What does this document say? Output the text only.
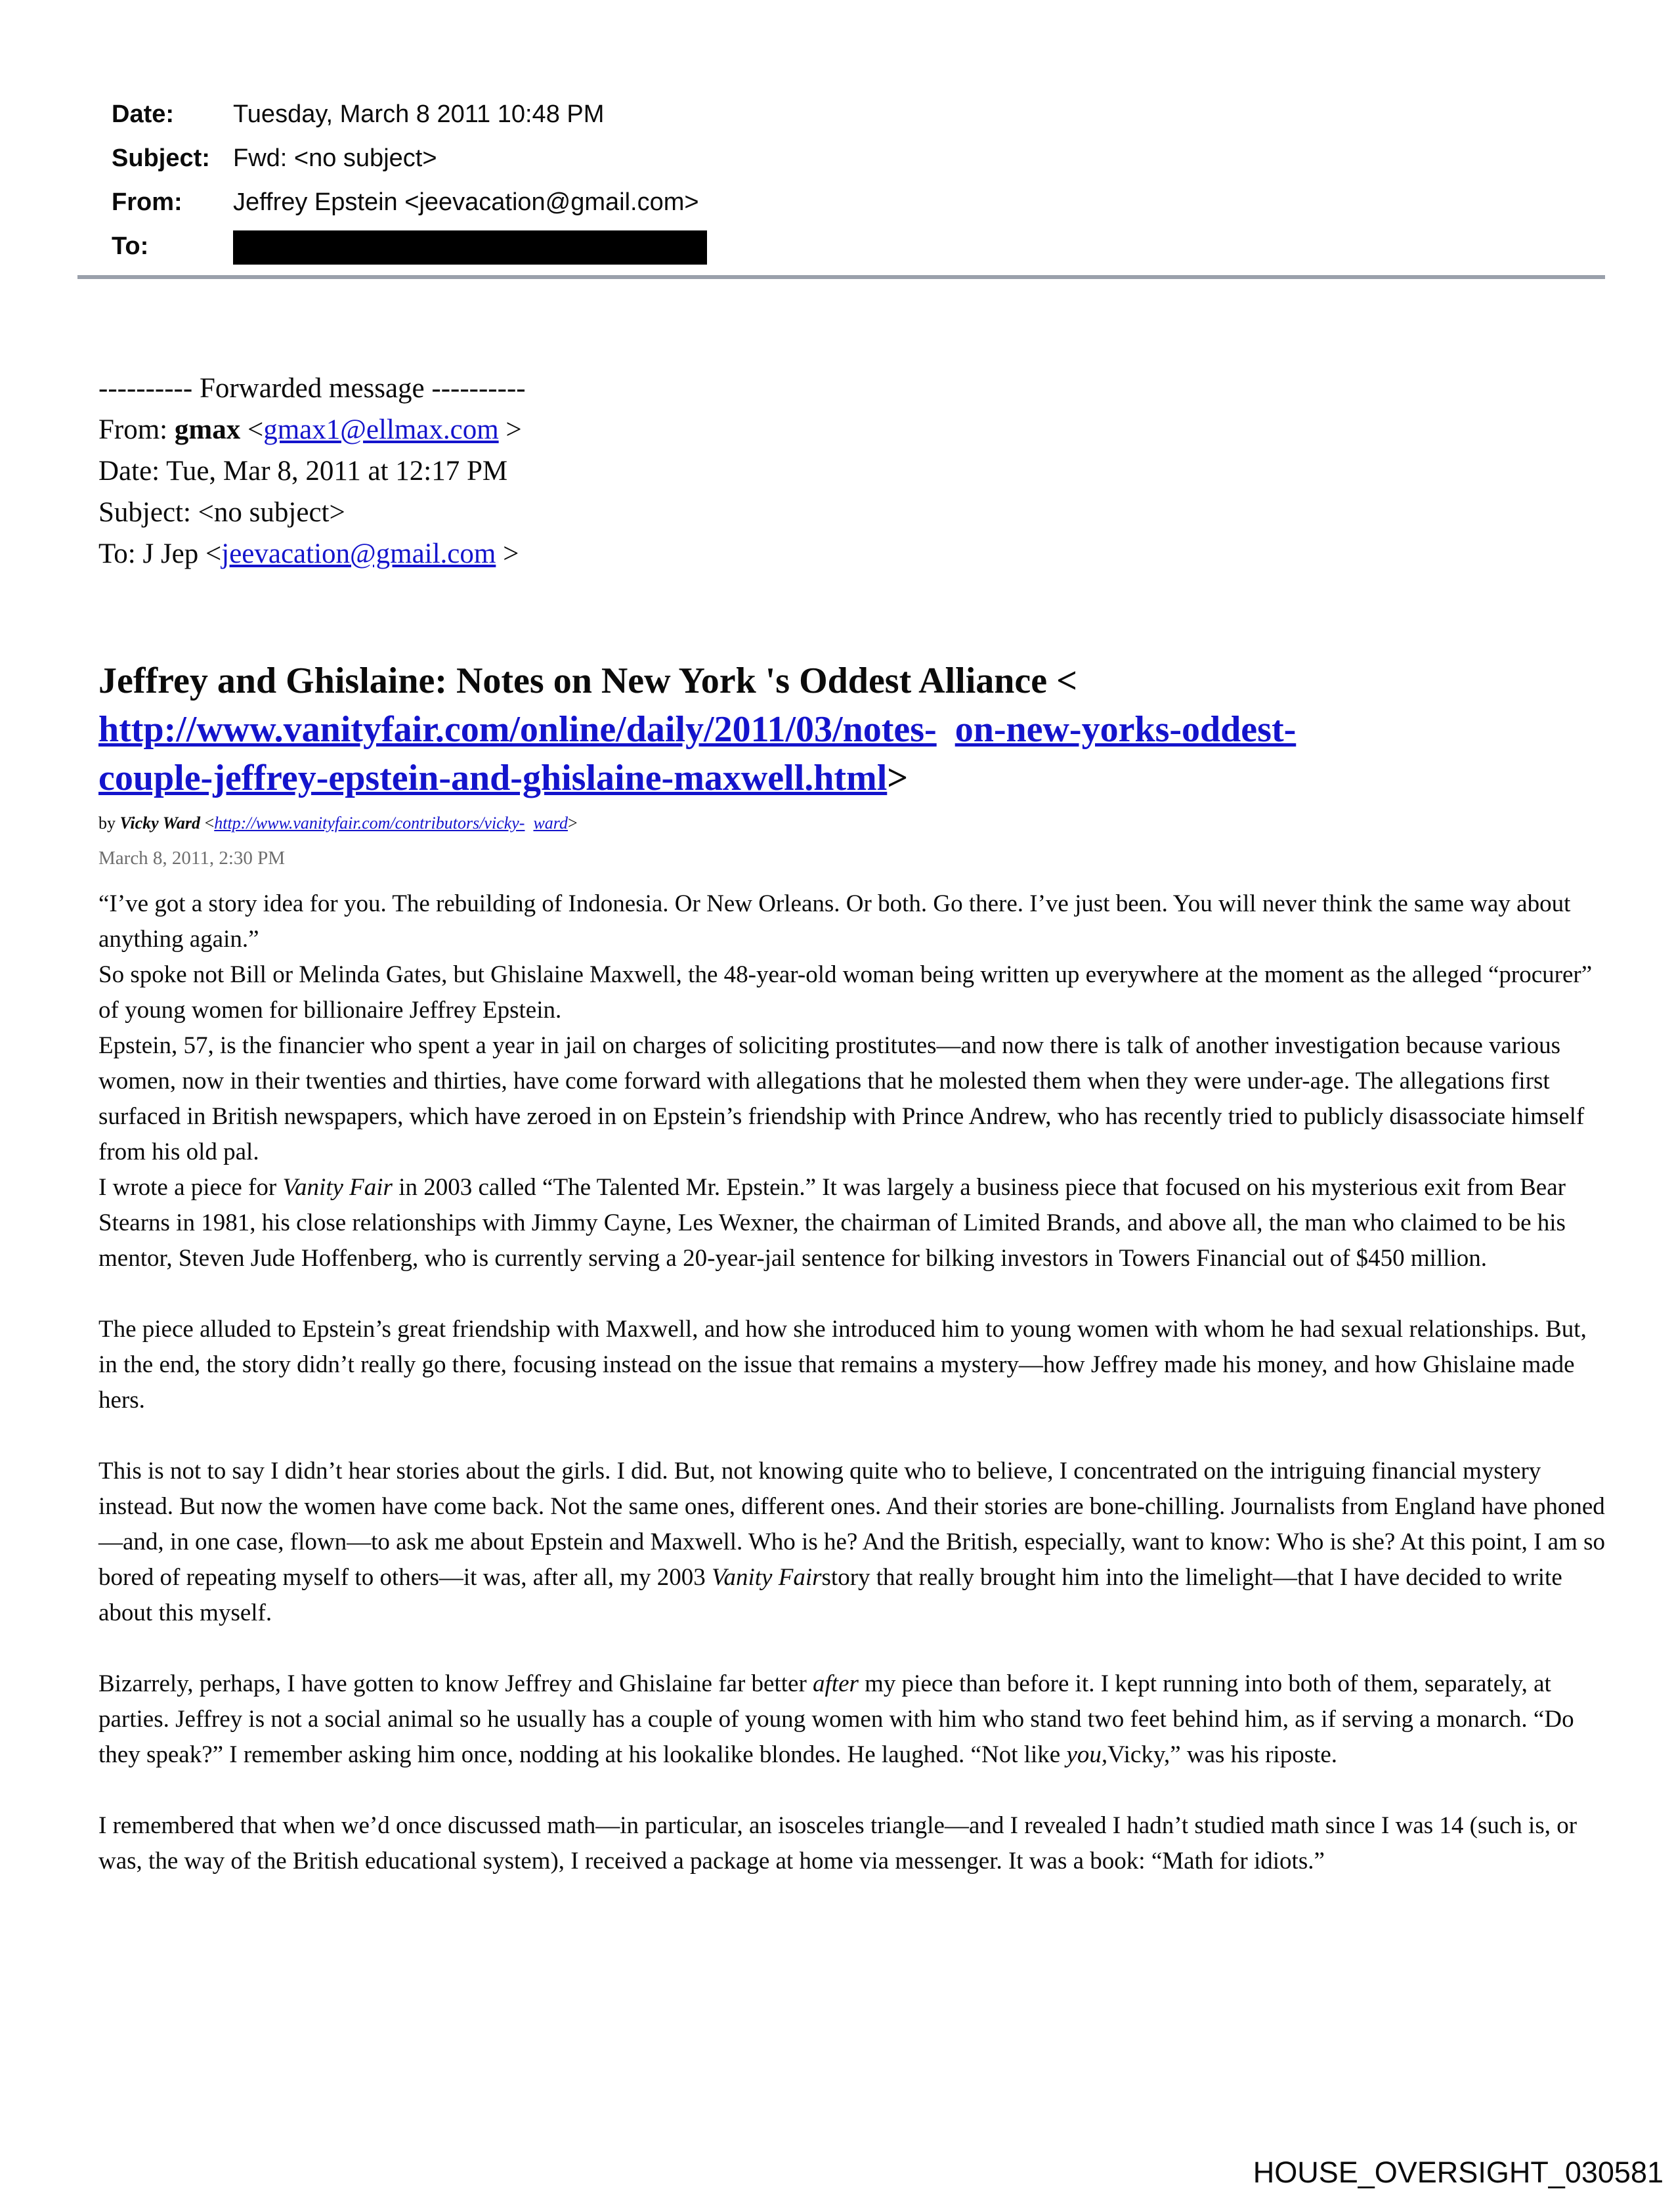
Date:	Tuesday, March 8 2011 10:48 PM
Subject: Fwd: <no subject>
From:	Jeffrey Epstein <jeevacation@gmail.com>
To:
---------- Forwarded message ----------
From: gmax <gmax1@ellmax.com >
Date: Tue, Mar 8, 2011 at 12:17 PM
Subject: <no subject>
To: J Jep <jeevacation@gmail.com >
Jeffrey and Ghislaine: Notes on New York 's Oddest Alliance <
http://www.vanityfair.com/online/daily/2011/03/notes- on-new-yorks-oddest-
couple-jeffrey-epstein-and-ghislaine-maxwell.html>
by Vicky Ward <http://www.vanityfair.com/contributors/vicky- ward>
March 8, 2011, 2:30 PM

“I’ve got a story idea for you. The rebuilding of Indonesia. Or New Orleans. Or both. Go there. I’ve just been. You will never think the same way about anything again.”

So spoke not Bill or Melinda Gates, but Ghislaine Maxwell, the 48-year-old woman being written up everywhere at the moment as the alleged “procurer” of young women for billionaire Jeffrey Epstein.

Epstein, 57, is the financier who spent a year in jail on charges of soliciting prostitutes—and now there is talk of another investigation because various women, now in their twenties and thirties, have come forward with allegations that he molested them when they were under-age. The allegations first surfaced in British newspapers, which have zeroed in on Epstein’s friendship with Prince Andrew, who has recently tried to publicly disassociate himself from his old pal.

I wrote a piece for Vanity Fair in 2003 called “The Talented Mr. Epstein.” It was largely a business piece that focused on his mysterious exit from Bear Stearns in 1981, his close relationships with Jimmy Cayne, Les Wexner, the chairman of Limited Brands, and above all, the man who claimed to be his mentor, Steven Jude Hoffenberg, who is currently serving a 20-year-jail sentence for bilking investors in Towers Financial out of $450 million.

The piece alluded to Epstein’s great friendship with Maxwell, and how she introduced him to young women with whom he had sexual relationships. But, in the end, the story didn’t really go there, focusing instead on the issue that remains a mystery—how Jeffrey made his money, and how Ghislaine made hers.

This is not to say I didn’t hear stories about the girls. I did. But, not knowing quite who to believe, I concentrated on the intriguing financial mystery instead. But now the women have come back. Not the same ones, different ones. And their stories are bone-chilling. Journalists from England have phoned—and, in one case, flown—to ask me about Epstein and Maxwell. Who is he? And the British, especially, want to know: Who is she? At this point, I am so bored of repeating myself to others—it was, after all, my 2003 Vanity Fairstory that really brought him into the limelight—that I have decided to write about this myself.

Bizarrely, perhaps, I have gotten to know Jeffrey and Ghislaine far better after my piece than before it. I kept running into both of them, separately, at parties. Jeffrey is not a social animal so he usually has a couple of young women with him who stand two feet behind him, as if serving a monarch. “Do they speak?” I remember asking him once, nodding at his lookalike blondes. He laughed. “Not like you,Vicky,” was his riposte.

I remembered that when we’d once discussed math—in particular, an isosceles triangle—and I revealed I hadn’t studied math since I was 14 (such is, or was, the way of the British educational system), I received a package at home via messenger. It was a book: “Math for idiots.”

HOUSE_OVERSIGHT_030581
